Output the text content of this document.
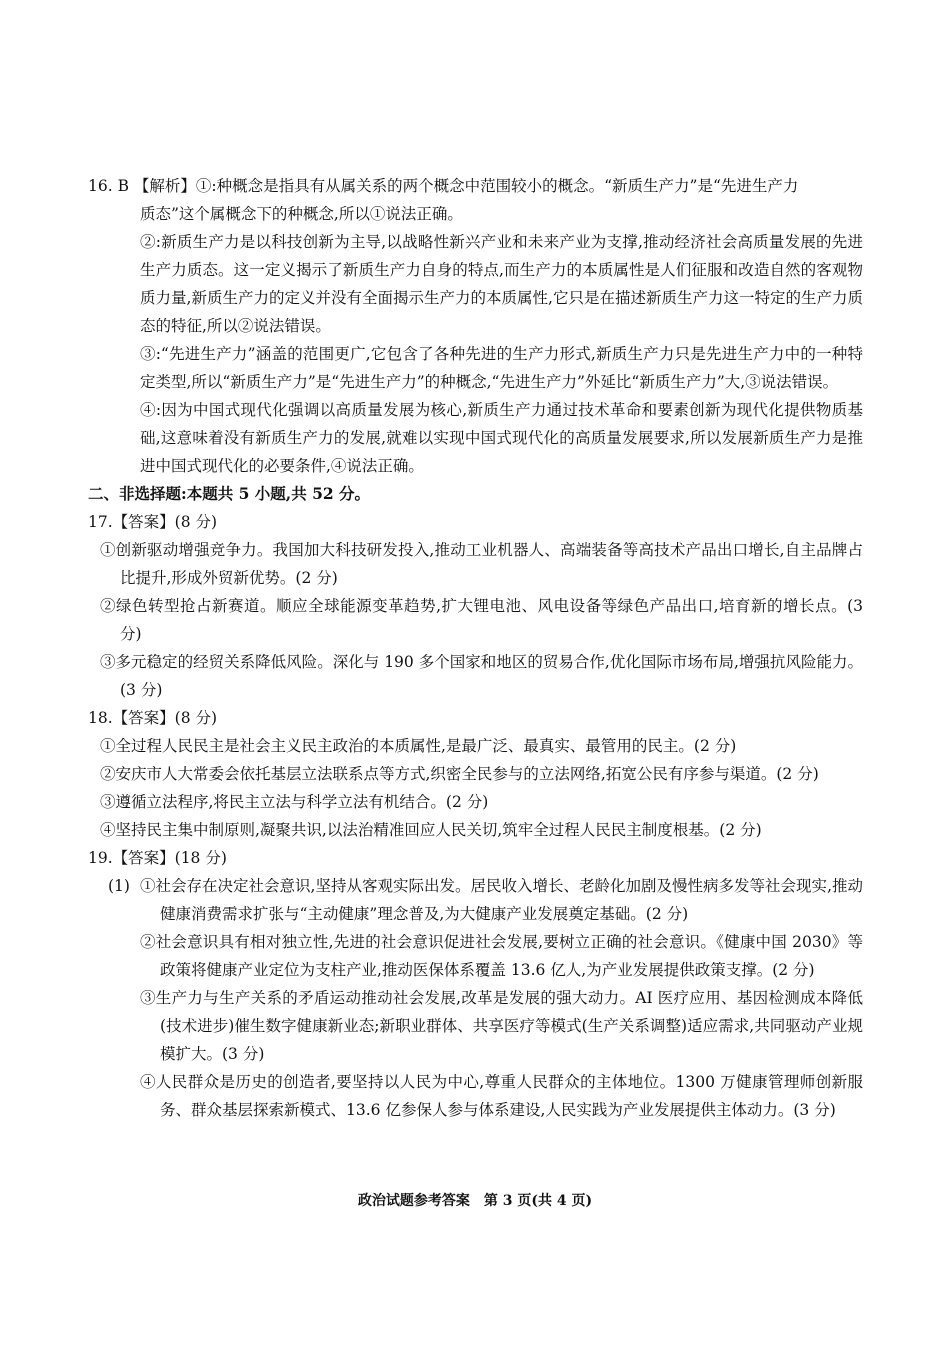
16. B 【解析】①:种概念是指具有从属关系的两个概念中范围较小的概念。“新质生产力”是“先进生产力

质态”这个属概念下的种概念,所以①说法正确。

②:新质生产力是以科技创新为主导,以战略性新兴产业和未来产业为支撑,推动经济社会高质量发展的先进生产力质态。这一定义揭示了新质生产力自身的特点,而生产力的本质属性是人们征服和改造自然的客观物质力量,新质生产力的定义并没有全面揭示生产力的本质属性,它只是在描述新质生产力这一特定的生产力质态的特征,所以②说法错误。

③:“先进生产力”涵盖的范围更广,它包含了各种先进的生产力形式,新质生产力只是先进生产力中的一种特定类型,所以“新质生产力”是“先进生产力”的种概念,“先进生产力”外延比“新质生产力”大,③说法错误。

④:因为中国式现代化强调以高质量发展为核心,新质生产力通过技术革命和要素创新为现代化提供物质基础,这意味着没有新质生产力的发展,就难以实现中国式现代化的高质量发展要求,所以发展新质生产力是推进中国式现代化的必要条件,④说法正确。

二、非选择题:本题共 5 小题,共 52 分。

17.【答案】(8 分)

①创新驱动增强竞争力。我国加大科技研发投入,推动工业机器人、高端装备等高技术产品出口增长,自主品牌占比提升,形成外贸新优势。(2 分)

②绿色转型抢占新赛道。顺应全球能源变革趋势,扩大锂电池、风电设备等绿色产品出口,培育新的增长点。(3 分)

③多元稳定的经贸关系降低风险。深化与 190 多个国家和地区的贸易合作,优化国际市场布局,增强抗风险能力。(3 分)

18.【答案】(8 分)

①全过程人民民主是社会主义民主政治的本质属性,是最广泛、最真实、最管用的民主。(2 分)

②安庆市人大常委会依托基层立法联系点等方式,织密全民参与的立法网络,拓宽公民有序参与渠道。(2 分)

③遵循立法程序,将民主立法与科学立法有机结合。(2 分)

④坚持民主集中制原则,凝聚共识,以法治精准回应人民关切,筑牢全过程人民民主制度根基。(2 分)

19.【答案】(18 分)

(1) ①社会存在决定社会意识,坚持从客观实际出发。居民收入增长、老龄化加剧及慢性病多发等社会现实,推动健康消费需求扩张与“主动健康”理念普及,为大健康产业发展奠定基础。(2 分)

②社会意识具有相对独立性,先进的社会意识促进社会发展,要树立正确的社会意识。《健康中国 2030》等政策将健康产业定位为支柱产业,推动医保体系覆盖 13.6 亿人,为产业发展提供政策支撑。(2 分)

③生产力与生产关系的矛盾运动推动社会发展,改革是发展的强大动力。AI 医疗应用、基因检测成本降低(技术进步)催生数字健康新业态;新职业群体、共享医疗等模式(生产关系调整)适应需求,共同驱动产业规模扩大。(3 分)

④人民群众是历史的创造者,要坚持以人民为中心,尊重人民群众的主体地位。1300 万健康管理师创新服务、群众基层探索新模式、13.6 亿参保人参与体系建设,人民实践为产业发展提供主体动力。(3 分)

政治试题参考答案　第 3 页(共 4 页)
